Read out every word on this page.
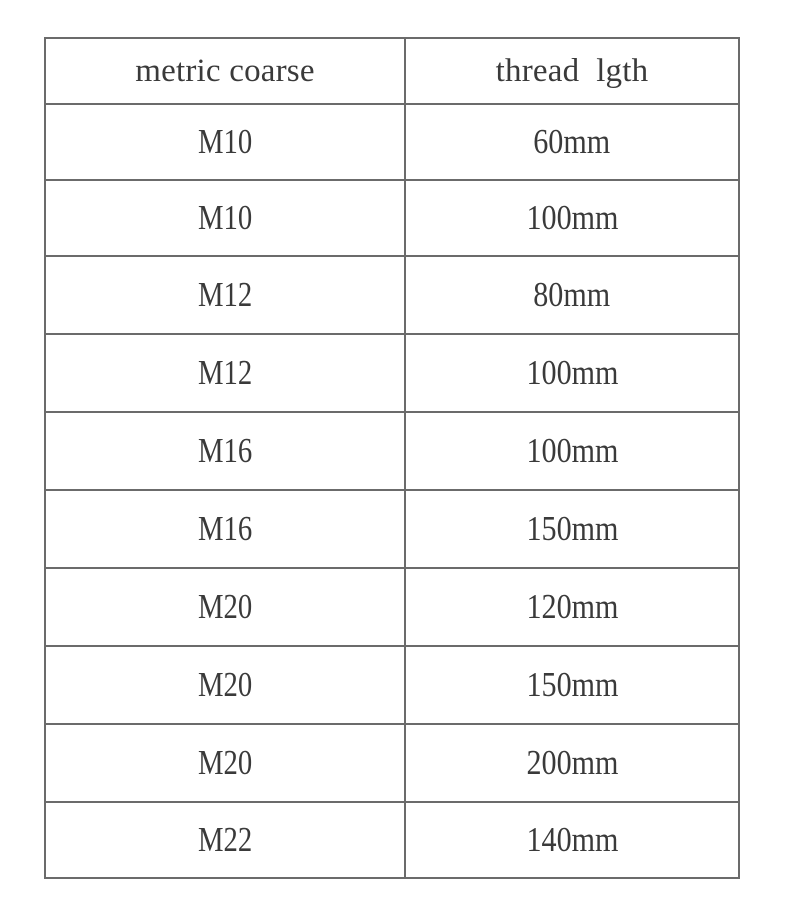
metric coarse	thread  lgth
M10	60mm
M10	100mm
M12	80mm
M12	100mm
M16	100mm
M16	150mm
M20	120mm
M20	150mm
M20	200mm
M22	140mm
